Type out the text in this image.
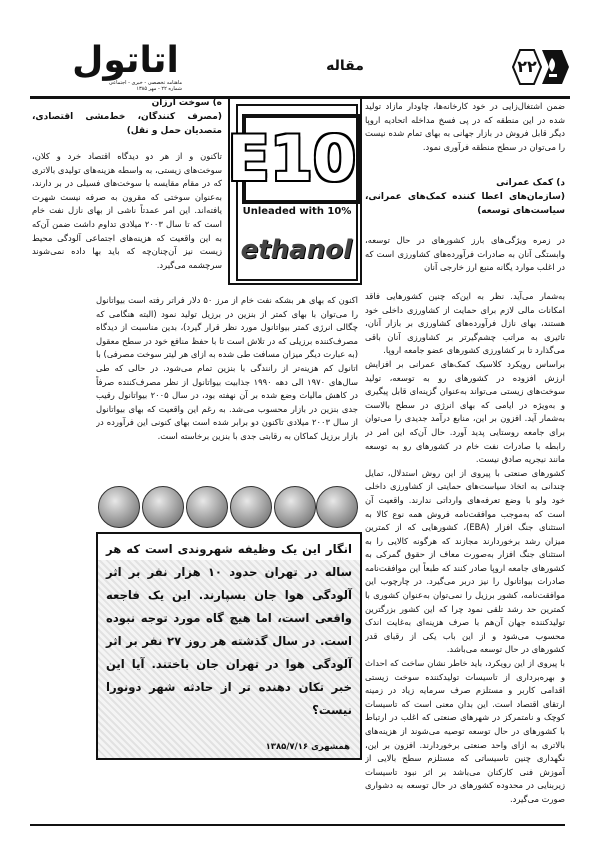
اتاتول
ماهنامه تخصصی - خبری - اجتماعی
شماره ۲۲ - مهر ۱۳۸۵
مقاله	۲۲
ضمن اشتغال‌زایی در خود کارخانه‌ها، چاودار مازاد تولید شده در این منطقه که در پی فسخ مداخله اتحادیه اروپا دیگر قابل فروش در بازار جهانی به بهای تمام شده نیست را می‌توان در سطح منطقه فرآوری نمود.
د) کمک عمرانی
(سازمان‌های اعطا کننده کمک‌های عمرانی، سیاست‌های توسعه)
در زمره ویژگی‌های بارز کشورهای در حال توسعه، وابستگی آنان به صادرات فرآورده‌های کشاورزی است که در اغلب موارد یگانه منبع ارز خارجی آنان
به‌شمار می‌آید. نظر به این‌که چنین کشورهایی فاقد امکانات مالی لازم برای حمایت از کشاورزی داخلی خود هستند، بهای نازل فرآورده‌های کشاورزی بر بازار آنان، تاثیری به مراتب چشم‌گیرتر بر کشاورزی آنان باقی می‌گذارد تا بر کشاورزی کشورهای عضو جامعه اروپا.
براساس رویکرد کلاسیک کمک‌های عمرانی بر افزایش ارزش افزوده در کشورهای رو به توسعه، تولید سوخت‌های زیستی می‌تواند به‌عنوان گزینه‌ای قابل پیگیری و به‌ویژه در ایامی که بهای انرژی در سطح بالاست به‌شمار آید. افزون بر این، منابع درآمد جدیدی را می‌توان برای جامعه روستایی پدید آورد. حال آن‌که این امر در رابطه با صادرات نفت خام در کشورهای رو به توسعه مانند نیجریه صادق نیست.
کشورهای صنعتی با پیروی از این روش استدلال، تمایل چندانی به اتخاذ سیاست‌های حمایتی از کشاورزی داخلی خود ولو با وضع تعرفه‌های وارداتی ندارند. واقعیت آن است که به‌موجب موافقت‌نامه فروش همه نوع کالا به استثنای جنگ افزار (EBA)، کشورهایی که از کمترین میزان رشد برخوردارند مجازند که هرگونه کالایی را به استثنای جنگ افزار به‌صورت معاف از حقوق گمرکی به کشورهای جامعه اروپا صادر کنند که طبعاً این موافقت‌نامه صادرات بیواتانول را نیز دربر می‌گیرد. در چارچوب این موافقت‌نامه، کشور برزیل را نمی‌توان به‌عنوان کشوری با کمترین حد رشد تلقی نمود چرا که این کشور بزرگترین تولیدکننده جهان آن‌هم با صرف هزینه‌ای به‌غایت اندک محسوب می‌شود و از این باب یکی از رقبای قدر کشورهای در حال توسعه می‌باشد.
با پیروی از این رویکرد، باید خاطر نشان ساخت که احداث و بهره‌برداری از تاسیسات تولیدکننده سوخت زیستی اقدامی کاربر و مستلزم صرف سرمایه زیاد در زمینه ارتقای اقتصاد است. این بدان معنی است که تاسیسات کوچک و نامتمرکز در شهرهای صنعتی که اغلب در ارتباط با کشورهای در حال توسعه توصیه می‌شوند از هزینه‌های بالاتری به ازای واحد صنعتی برخوردارند. افزون بر این، نگهداری چنین تاسیساتی که مستلزم سطح بالایی از آموزش فنی کارکنان می‌باشد بر اثر نبود تاسیسات زیربنایی در محدوده کشورهای در حال توسعه به دشواری صورت می‌گیرد.
E10
Unleaded with 10%
ethanol
ه) سوخت ارزان
(مصرف کنندگان، خط‌مشی اقتصادی، متصدیان حمل و نقل)
تاکنون و از هر دو دیدگاه اقتصاد خرد و کلان، سوخت‌های زیستی، به واسطه هزینه‌های تولیدی بالاتری که در مقام مقایسه با سوخت‌های فسیلی در بر دارند، به‌عنوان سوختی که مقرون به صرفه نیست شهرت یافته‌اند. این امر عمدتاً ناشی از بهای نازل نفت خام است که تا سال ۲۰۰۳ میلادی تداوم داشت ضمن آن‌که به این واقعیت که هزینه‌های اجتماعی آلودگی محیط زیست نیز آن‌چنان‌چه که باید بها داده نمی‌شوند سرچشمه می‌گیرد.
اکنون که بهای هر بشکه نفت خام از مرز ۵۰ دلار فراتر رفته است بیواتانول را می‌توان با بهای کمتر از بنزین در برزیل تولید نمود (البته هنگامی که چگالی انرژی کمتر بیواتانول مورد نظر قرار گیرد)، بدین مناسبت از دیدگاه مصرف‌کننده برزیلی که در تلاش است تا با حفظ منافع خود در سطح معقول (به عبارت دیگر میزان مسافت طی شده به ازای هر لیتر سوخت مصرفی) با اتانول کم هزینه‌تر از رانندگی با بنزین تمام می‌شود. در حالی که طی سال‌های ۱۹۷۰ الی دهه ۱۹۹۰ جذابیت بیواتانول از نظر مصرف‌کننده صرفاً در کاهش مالیات وضع شده بر آن نهفته بود، در سال ۲۰۰۵ بیواتانول رقیب جدی بنزین در بازار محسوب می‌شد. به رغم این واقعیت که بهای بیواتانول از سال ۲۰۰۳ میلادی تاکنون دو برابر شده است بهای کنونی این فرآورده در بازار برزیل کماکان به رقابتی جدی با بنزین برخاسته است.
انگار این یک وظیفه شهروندی است که هر ساله در تهران حدود ۱۰ هزار نفر بر اثر آلودگی هوا جان بسپارند. این یک فاجعه واقعی است، اما هیچ گاه مورد توجه نبوده است. در سال گذشته هر روز ۲۷ نفر بر اثر آلودگی هوا در تهران جان باختند. آیا این خبر تکان دهنده تر از حادثه شهر دونورا نیست؟
همشهری ۱۳۸۵/۷/۱۶
